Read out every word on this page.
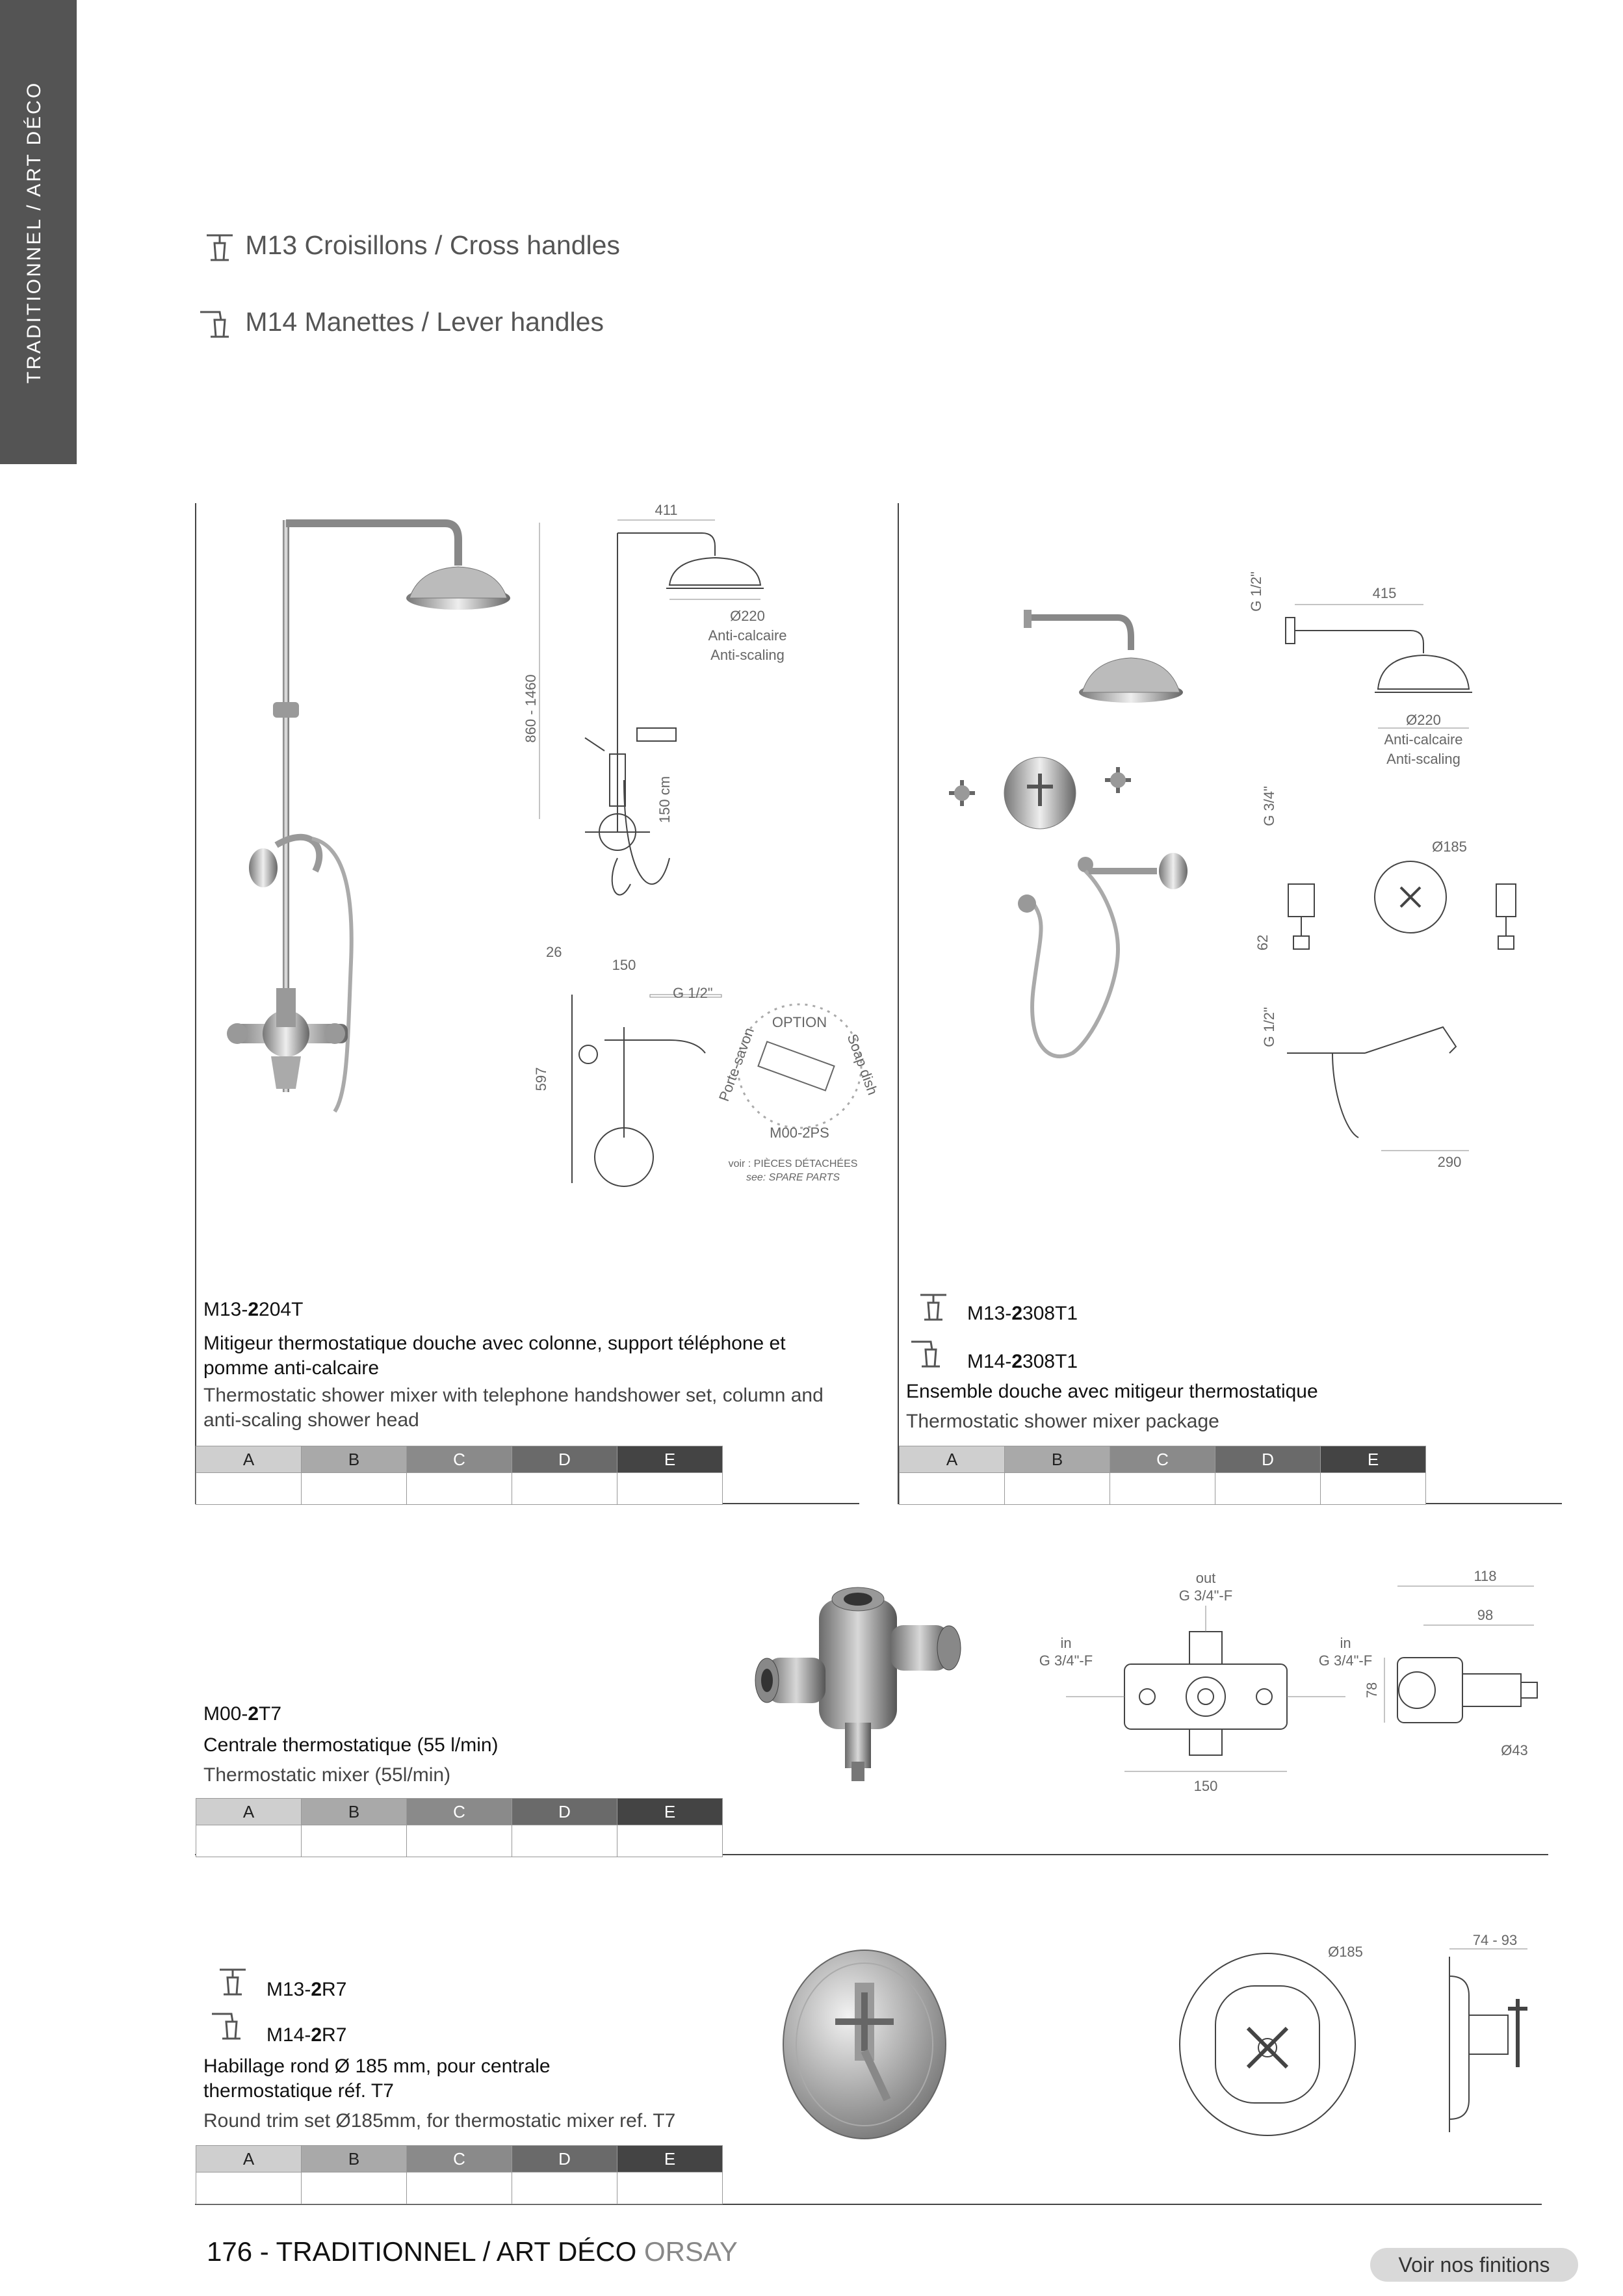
TRADITIONNEL / ART DÉCO	M13 Croisillons / Cross handles
M14 Manettes / Lever handles
411
Ø220
Anti-calcaire
Anti-scaling
860 - 1460
150 cm
26
150
G 1/2"
597
OPTION
Porte-savon	Soap dish
M00-2PS
voir : PIÈCES DÉTACHÉES
see: SPARE PARTS
M13-2204T
Mitigeur thermostatique douche avec colonne, support téléphone et pomme anti-calcaire
Thermostatic shower mixer with telephone handshower set, column and anti-scaling shower head
A	B	C	D	E

G 1/2"	415
Ø220
Anti-calcaire
Anti-scaling
G 3/4"
Ø185
62
G 1/2"
290
M13-2308T1
M14-2308T1
Ensemble douche avec mitigeur thermostatique
Thermostatic shower mixer package
A	B	C	D	E

out
G 3/4"-F
in
G 3/4"-F
in
G 3/4"-F
150
118
98
78
Ø43
M00-2T7
Centrale thermostatique (55 l/min)
Thermostatic mixer (55l/min)
A	B	C	D	E

Ø185
74 - 93
M13-2R7
M14-2R7
Habillage rond Ø 185 mm, pour centrale thermostatique réf. T7
Round trim set Ø185mm, for thermostatic mixer ref. T7
A	B	C	D	E

176 - TRADITIONNEL / ART DÉCO ORSAY	Voir nos finitions
